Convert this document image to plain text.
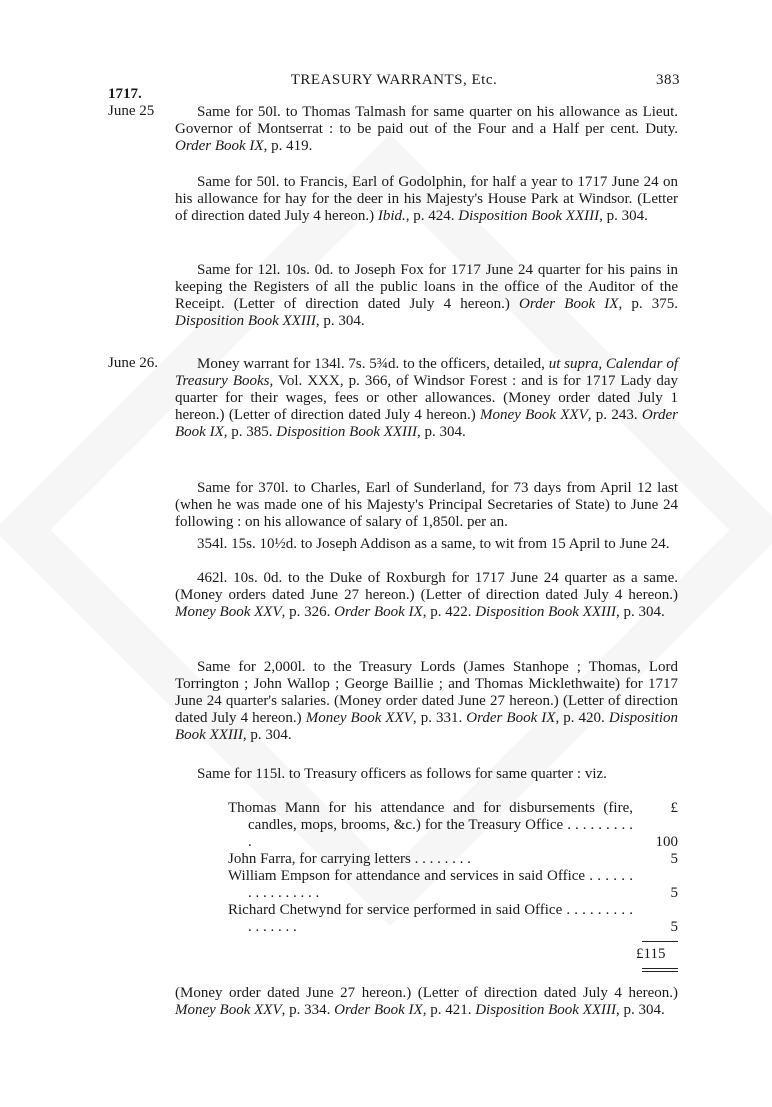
TREASURY WARRANTS, Etc.	383
1717.
June 25
June 26.

Same for 50l. to Thomas Talmash for same quarter on his allowance as Lieut. Governor of Montserrat : to be paid out of the Four and a Half per cent. Duty. Order Book IX, p. 419.

Same for 50l. to Francis, Earl of Godolphin, for half a year to 1717 June 24 on his allowance for hay for the deer in his Majesty's House Park at Windsor. (Letter of direction dated July 4 hereon.) Ibid., p. 424. Disposition Book XXIII, p. 304.

Same for 12l. 10s. 0d. to Joseph Fox for 1717 June 24 quarter for his pains in keeping the Registers of all the public loans in the office of the Auditor of the Receipt. (Letter of direction dated July 4 hereon.) Order Book IX, p. 375. Disposition Book XXIII, p. 304.

Money warrant for 134l. 7s. 5¾d. to the officers, detailed, ut supra, Calendar of Treasury Books, Vol. XXX, p. 366, of Windsor Forest : and is for 1717 Lady day quarter for their wages, fees or other allowances. (Money order dated July 1 hereon.) (Letter of direction dated July 4 hereon.) Money Book XXV, p. 243. Order Book IX, p. 385. Disposition Book XXIII, p. 304.

Same for 370l. to Charles, Earl of Sunderland, for 73 days from April 12 last (when he was made one of his Majesty's Principal Secretaries of State) to June 24 following : on his allowance of salary of 1,850l. per an.

354l. 15s. 10½d. to Joseph Addison as a same, to wit from 15 April to June 24.

462l. 10s. 0d. to the Duke of Roxburgh for 1717 June 24 quarter as a same. (Money orders dated June 27 hereon.) (Letter of direction dated July 4 hereon.) Money Book XXV, p. 326. Order Book IX, p. 422. Disposition Book XXIII, p. 304.

Same for 2,000l. to the Treasury Lords (James Stanhope ; Thomas, Lord Torrington ; John Wallop ; George Baillie ; and Thomas Micklethwaite) for 1717 June 24 quarter's salaries. (Money order dated June 27 hereon.) (Letter of direction dated July 4 hereon.) Money Book XXV, p. 331. Order Book IX, p. 420. Disposition Book XXIII, p. 304.

Same for 115l. to Treasury officers as follows for same quarter : viz.

£
Thomas Mann for his attendance and for disbursements (fire, candles, mops, brooms, &c.) for the Treasury Office . . . . . . . . . .	100
John Farra, for carrying letters . . . . . . . .	5
William Empson for attendance and services in said Office . . . . . . . . . . . . . . . .	5
Richard Chetwynd for service performed in said Office . . . . . . . . . . . . . . . .	5
£115

(Money order dated June 27 hereon.) (Letter of direction dated July 4 hereon.) Money Book XXV, p. 334. Order Book IX, p. 421. Disposition Book XXIII, p. 304.
